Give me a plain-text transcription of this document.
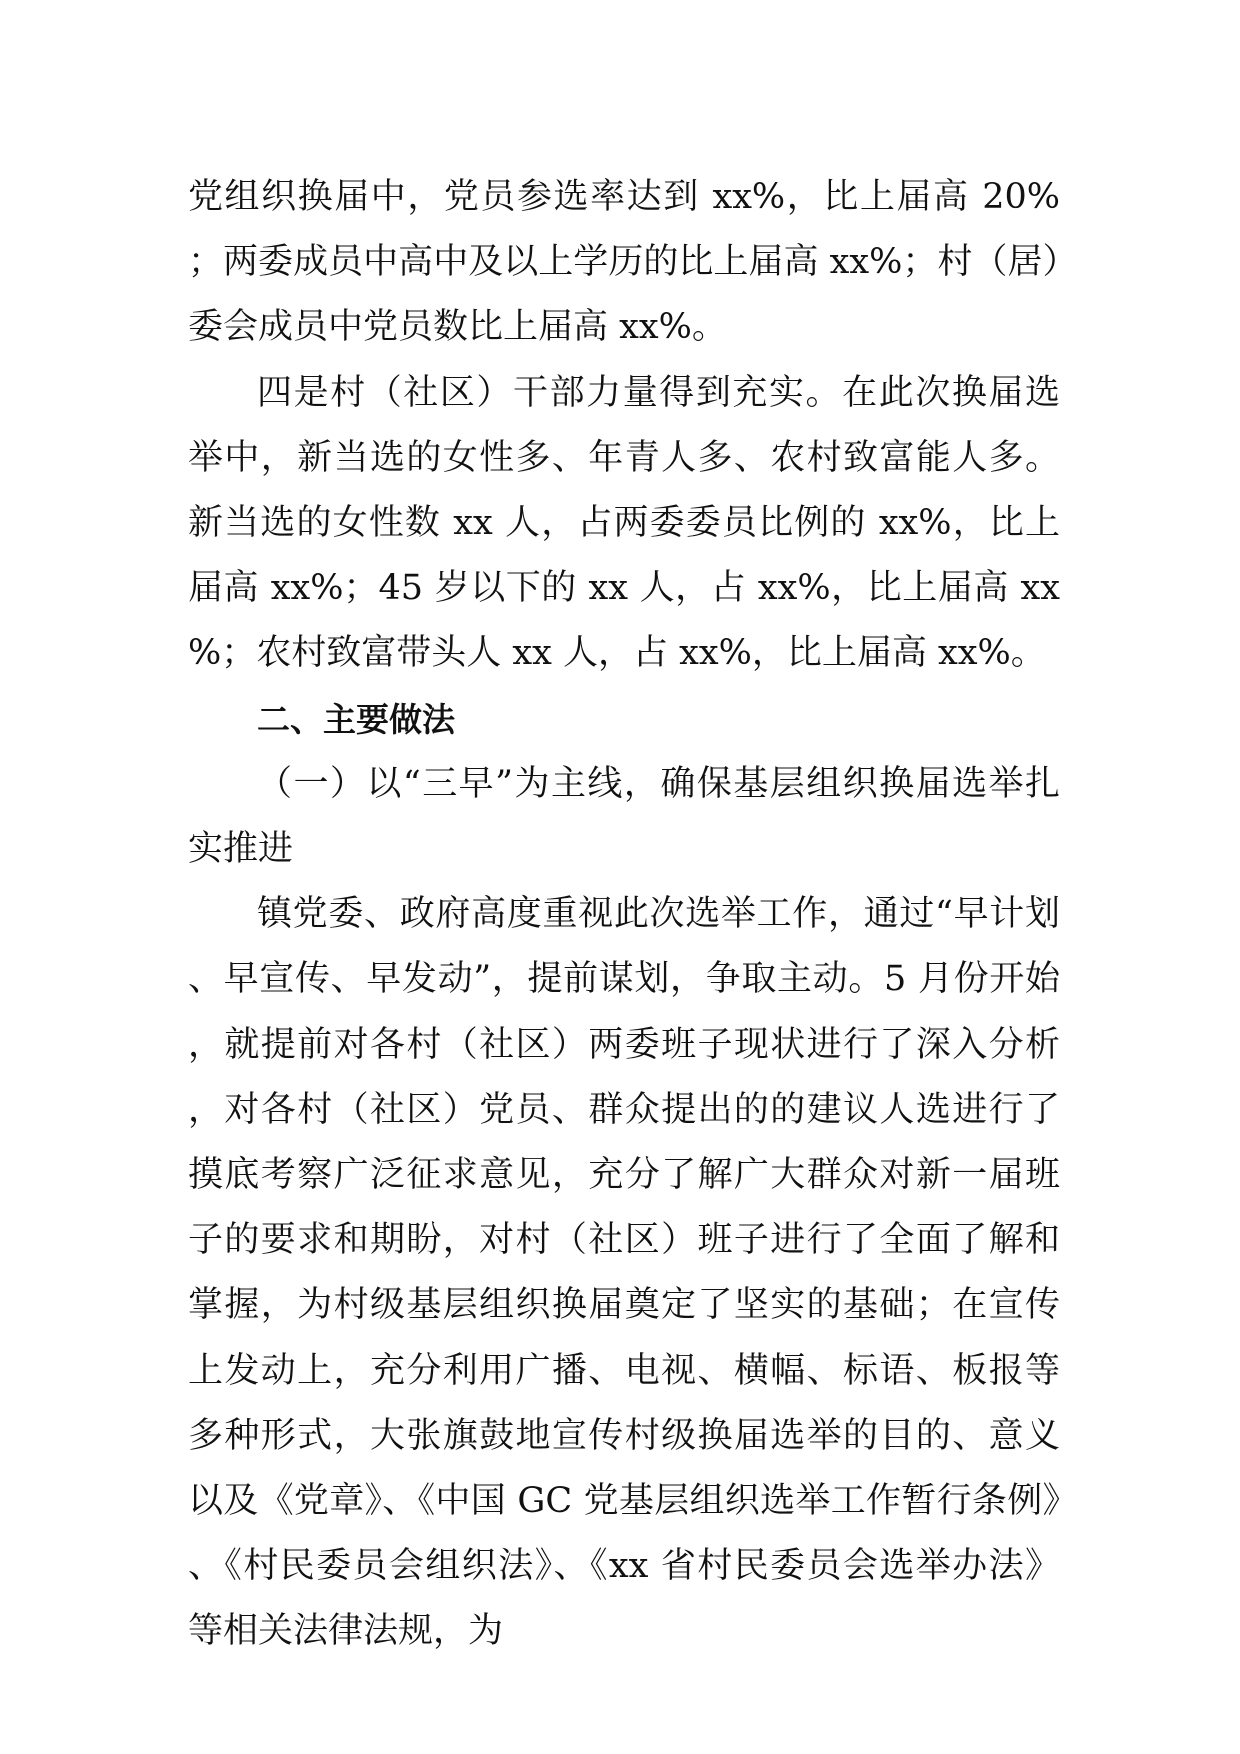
党组织换届中，党员参选率达到 xx%，比上届高 20%；两委成员中高中及以上学历的比上届高 xx%；村（居）委会成员中党员数比上届高 xx%。

四是村（社区）干部力量得到充实。在此次换届选举中，新当选的女性多、年青人多、农村致富能人多。新当选的女性数 xx 人，占两委委员比例的 xx%，比上届高 xx%；45 岁以下的 xx 人，占 xx%，比上届高 xx%；农村致富带头人 xx 人，占 xx%，比上届高 xx%。

二、主要做法

（一）以“三早”为主线，确保基层组织换届选举扎实推进

镇党委、政府高度重视此次选举工作，通过“早计划、早宣传、早发动”，提前谋划，争取主动。5 月份开始，就提前对各村（社区）两委班子现状进行了深入分析，对各村（社区）党员、群众提出的的建议人选进行了摸底考察广泛征求意见，充分了解广大群众对新一届班子的要求和期盼，对村（社区）班子进行了全面了解和掌握，为村级基层组织换届奠定了坚实的基础；在宣传上发动上，充分利用广播、电视、横幅、标语、板报等多种形式，大张旗鼓地宣传村级换届选举的目的、意义以及《党章》、《中国 GC 党基层组织选举工作暂行条例》、《村民委员会组织法》、《xx 省村民委员会选举办法》等相关法律法规，为
